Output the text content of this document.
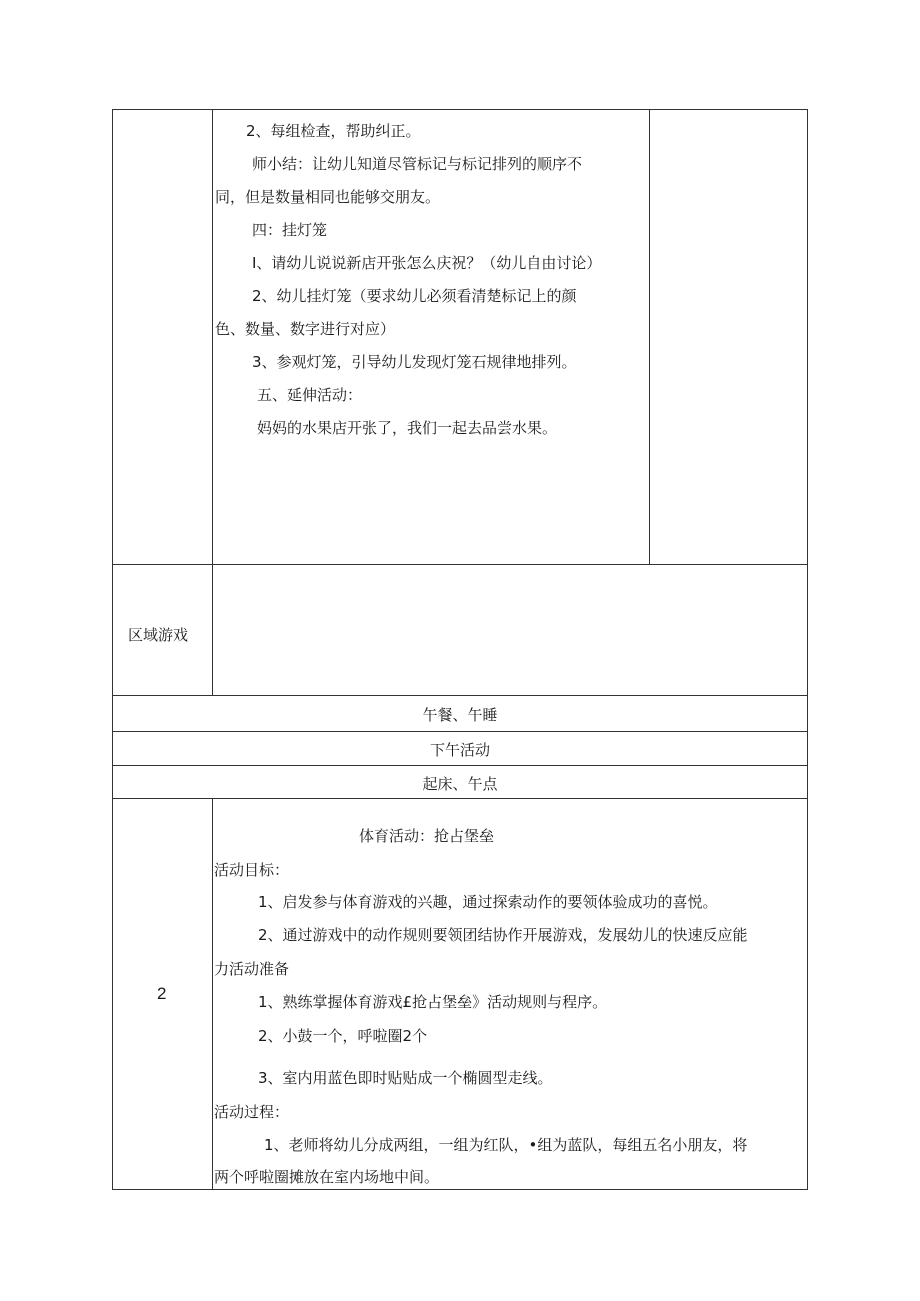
2、每组检查，帮助纠正。
师小结：让幼儿知道尽管标记与标记排列的顺序不
同，但是数量相同也能够交朋友。
四：挂灯笼
I、请幼儿说说新店开张怎么庆祝？（幼儿自由讨论）
2、幼儿挂灯笼（要求幼儿必须看清楚标记上的颜
色、数量、数字进行对应）
3、参观灯笼，引导幼儿发现灯笼石规律地排列。
五、延伸活动：
妈妈的水果店开张了，我们一起去品尝水果。
区域游戏
午餐、午睡
下午活动
起床、午点
2
体育活动：抢占堡垒
活动目标：
1、启发参与体育游戏的兴趣，通过探索动作的要领体验成功的喜悦。
2、通过游戏中的动作规则要领团结协作开展游戏，发展幼儿的快速反应能
力活动准备
1、熟练掌握体育游戏£抢占堡垒》活动规则与程序。
2、小鼓一个，呼啦圈2个
3、室内用蓝色即时贴贴成一个椭圆型走线。
活动过程：
1、老师将幼儿分成两组，一组为红队，•组为蓝队，每组五名小朋友，将
两个呼啦圈摊放在室内场地中间。
